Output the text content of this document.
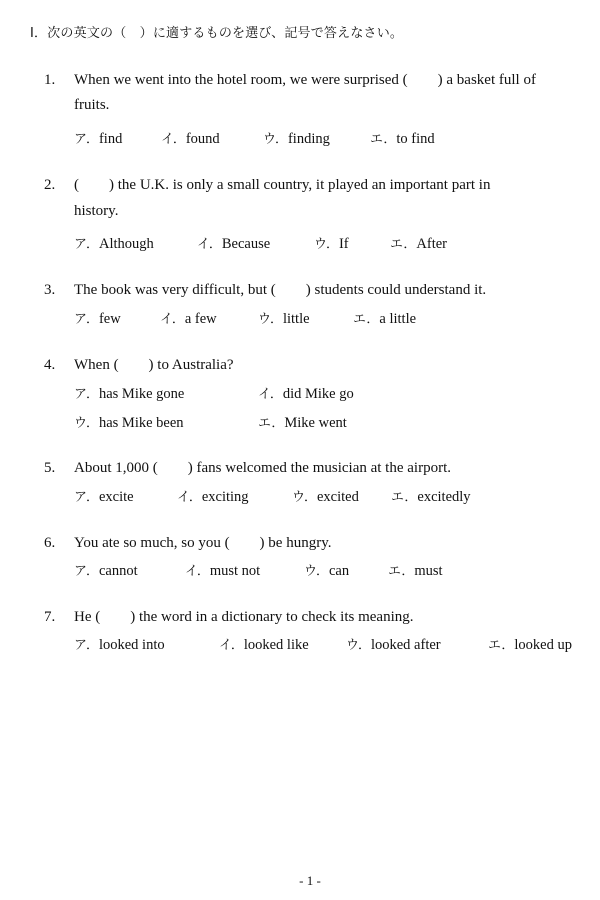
I．次の英文の（　）に適するものを選び、記号で答えなさい。
1. When we went into the hotel room, we were surprised (　　) a basket full of
fruits.
ア．find	イ．found	ウ．finding	エ．to find
2. (　　) the U.K. is only a small country, it played an important part in
history.
ア．Although	イ．Because	ウ．If	エ．After
3. The book was very difficult, but (　　) students could understand it.
ア．few	イ．a few	ウ．little	エ．a little
4. When (　　) to Australia?
ア．has Mike gone	イ．did Mike go
ウ．has Mike been	エ．Mike went
5. About 1,000 (　　) fans welcomed the musician at the airport.
ア．excite	イ．exciting	ウ．excited エ．excitedly
6. You ate so much, so you (　　) be hungry.
ア．cannot	イ．must not	ウ．can	エ．must
7. He (　　) the word in a dictionary to check its meaning.
ア．looked into	イ．looked like	ウ．looked after	エ．looked up
- 1 -
